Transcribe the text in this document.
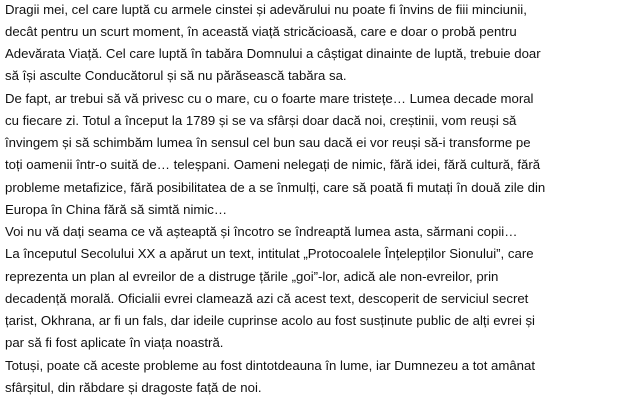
Dragii mei, cel care luptă cu armele cinstei și adevărului nu poate fi învins de fiii minciunii,
decât pentru un scurt moment, în această viață stricăcioasă, care e doar o probă pentru
Adevărata Viață. Cel care luptă în tabăra Domnului a câștigat dinainte de luptă, trebuie doar
să își asculte Conducătorul și să nu părăsească tabăra sa.
De fapt, ar trebui să vă privesc cu o mare, cu o foarte mare tristețe… Lumea decade moral
cu fiecare zi. Totul a început la 1789 și se va sfârși doar dacă noi, creștinii, vom reuși să
învingem și să schimbăm lumea în sensul cel bun sau dacă ei vor reuși să-i transforme pe
toți oamenii într-o suită de… teleșpani. Oameni nelegați de nimic, fără idei, fără cultură, fără
probleme metafizice, fără posibilitatea de a se înmulți, care să poată fi mutați în două zile din
Europa în China fără să simtă nimic…
Voi nu vă dați seama ce vă așteaptă și încotro se îndreaptă lumea asta, sărmani copii…
La începutul Secolului XX a apărut un text, intitulat „Protocoalele Înțelepților Sionului”, care
reprezenta un plan al evreilor de a distruge țările „goi”-lor, adică ale non-evreilor, prin
decadență morală. Oficialii evrei clamează azi că acest text, descoperit de serviciul secret
țarist, Okhrana, ar fi un fals, dar ideile cuprinse acolo au fost susținute public de alți evrei și
par să fi fost aplicate în viața noastră.
Totuși, poate că aceste probleme au fost dintotdeauna în lume, iar Dumnezeu a tot amânat
sfârșitul, din răbdare și dragoste față de noi.
